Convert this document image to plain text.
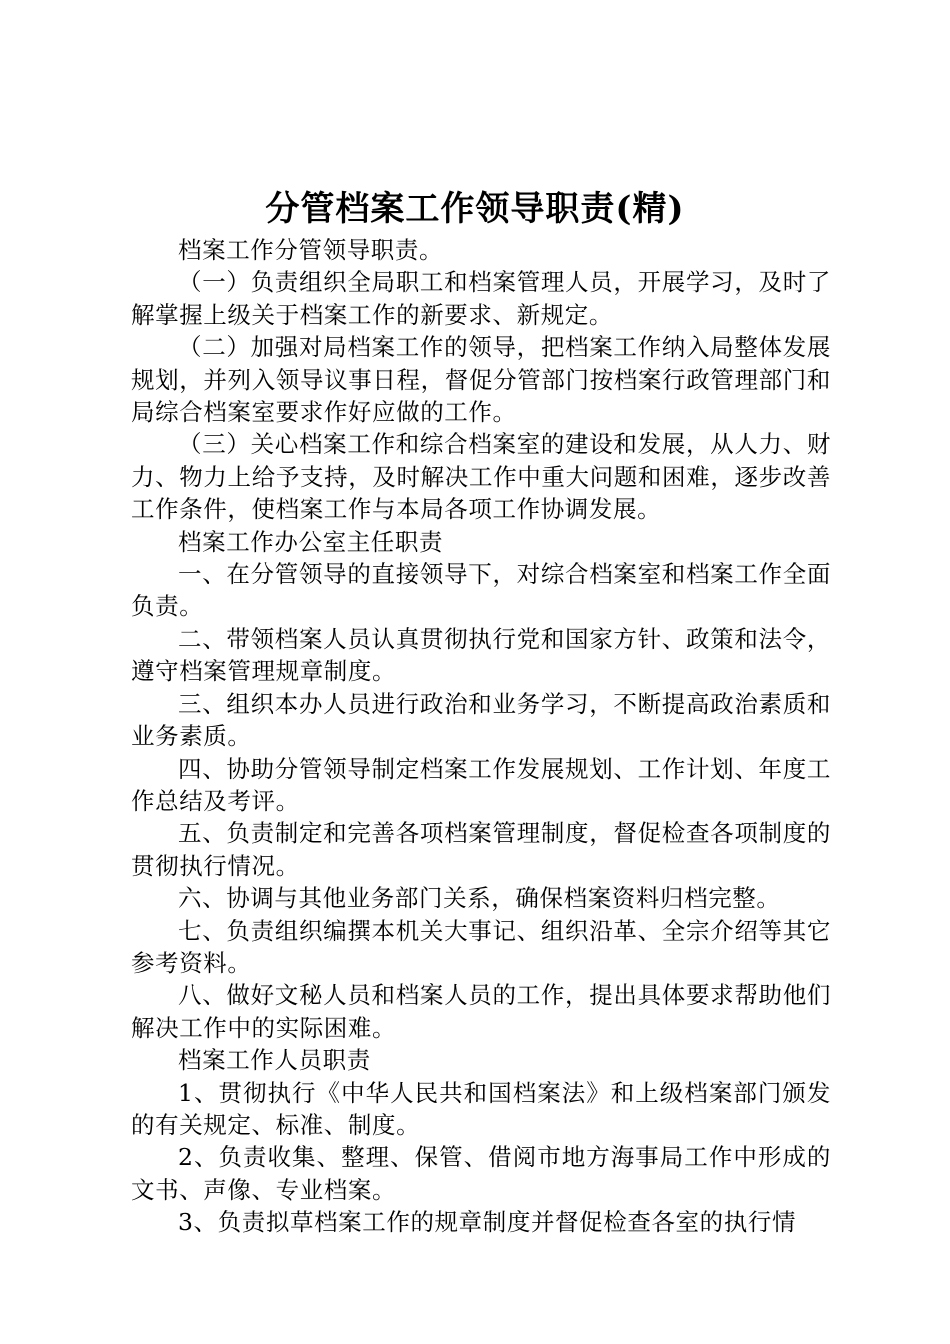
分管档案工作领导职责(精)

档案工作分管领导职责。

（一）负责组织全局职工和档案管理人员，开展学习，及时了解掌握上级关于档案工作的新要求、新规定。

（二）加强对局档案工作的领导，把档案工作纳入局整体发展规划，并列入领导议事日程，督促分管部门按档案行政管理部门和局综合档案室要求作好应做的工作。

（三）关心档案工作和综合档案室的建设和发展，从人力、财力、物力上给予支持，及时解决工作中重大问题和困难，逐步改善工作条件，使档案工作与本局各项工作协调发展。

档案工作办公室主任职责

一、在分管领导的直接领导下，对综合档案室和档案工作全面负责。

二、带领档案人员认真贯彻执行党和国家方针、政策和法令，遵守档案管理规章制度。

三、组织本办人员进行政治和业务学习，不断提高政治素质和业务素质。

四、协助分管领导制定档案工作发展规划、工作计划、年度工作总结及考评。

五、负责制定和完善各项档案管理制度，督促检查各项制度的贯彻执行情况。

六、协调与其他业务部门关系，确保档案资料归档完整。

七、负责组织编撰本机关大事记、组织沿革、全宗介绍等其它参考资料。

八、做好文秘人员和档案人员的工作，提出具体要求帮助他们解决工作中的实际困难。

档案工作人员职责

1、贯彻执行《中华人民共和国档案法》和上级档案部门颁发的有关规定、标准、制度。

2、负责收集、整理、保管、借阅市地方海事局工作中形成的文书、声像、专业档案。

3、负责拟草档案工作的规章制度并督促检查各室的执行情
